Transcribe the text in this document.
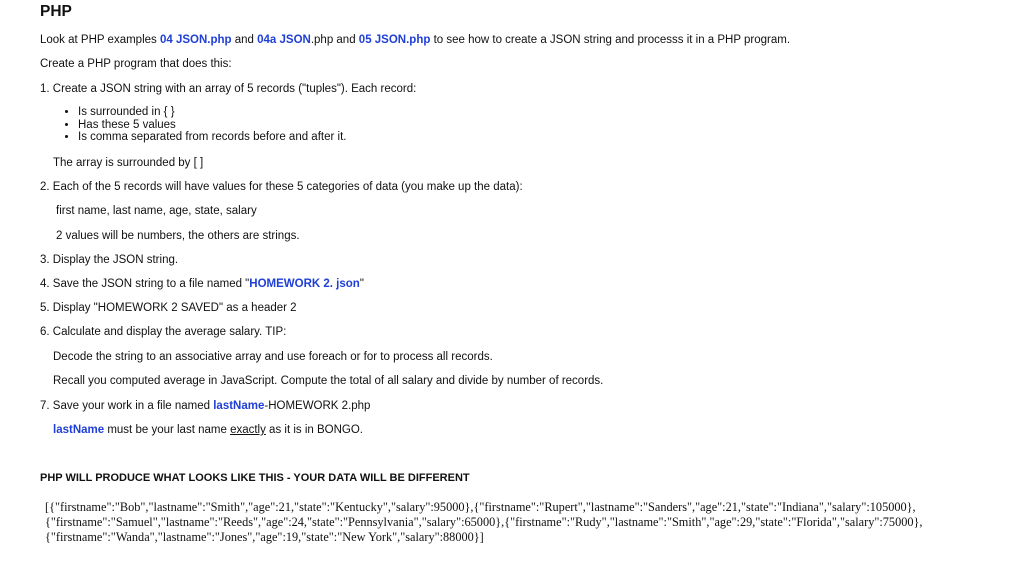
PHP
Look at PHP examples 04 JSON.php and 04a JSON.php and 05 JSON.php to see how to create a JSON string and processs it in a PHP program.
Create a PHP program that does this:
1. Create a JSON string with an array of 5 records ("tuples"). Each record:
• Is surrounded in { }
• Has these 5 values
• Is comma separated from records before and after it.
The array is surrounded by [ ]
2. Each of the 5 records will have values for these 5 categories of data (you make up the data):
first name, last name, age, state, salary
2 values will be numbers, the others are strings.
3. Display the JSON string.
4. Save the JSON string to a file named "HOMEWORK 2. json"
5. Display "HOMEWORK 2 SAVED" as a header 2
6. Calculate and display the average salary. TIP:
Decode the string to an associative array and use foreach or for to process all records.
Recall you computed average in JavaScript. Compute the total of all salary and divide by number of records.
7. Save your work in a file named lastName-HOMEWORK 2.php
lastName must be your last name exactly as it is in BONGO.
PHP WILL PRODUCE WHAT LOOKS LIKE THIS - YOUR DATA WILL BE DIFFERENT
[{"firstname":"Bob","lastname":"Smith","age":21,"state":"Kentucky","salary":95000},{"firstname":"Rupert","lastname":"Sanders","age":21,"state":"Indiana","salary":105000},
{"firstname":"Samuel","lastname":"Reeds","age":24,"state":"Pennsylvania","salary":65000},{"firstname":"Rudy","lastname":"Smith","age":29,"state":"Florida","salary":75000},
{"firstname":"Wanda","lastname":"Jones","age":19,"state":"New York","salary":88000}]
